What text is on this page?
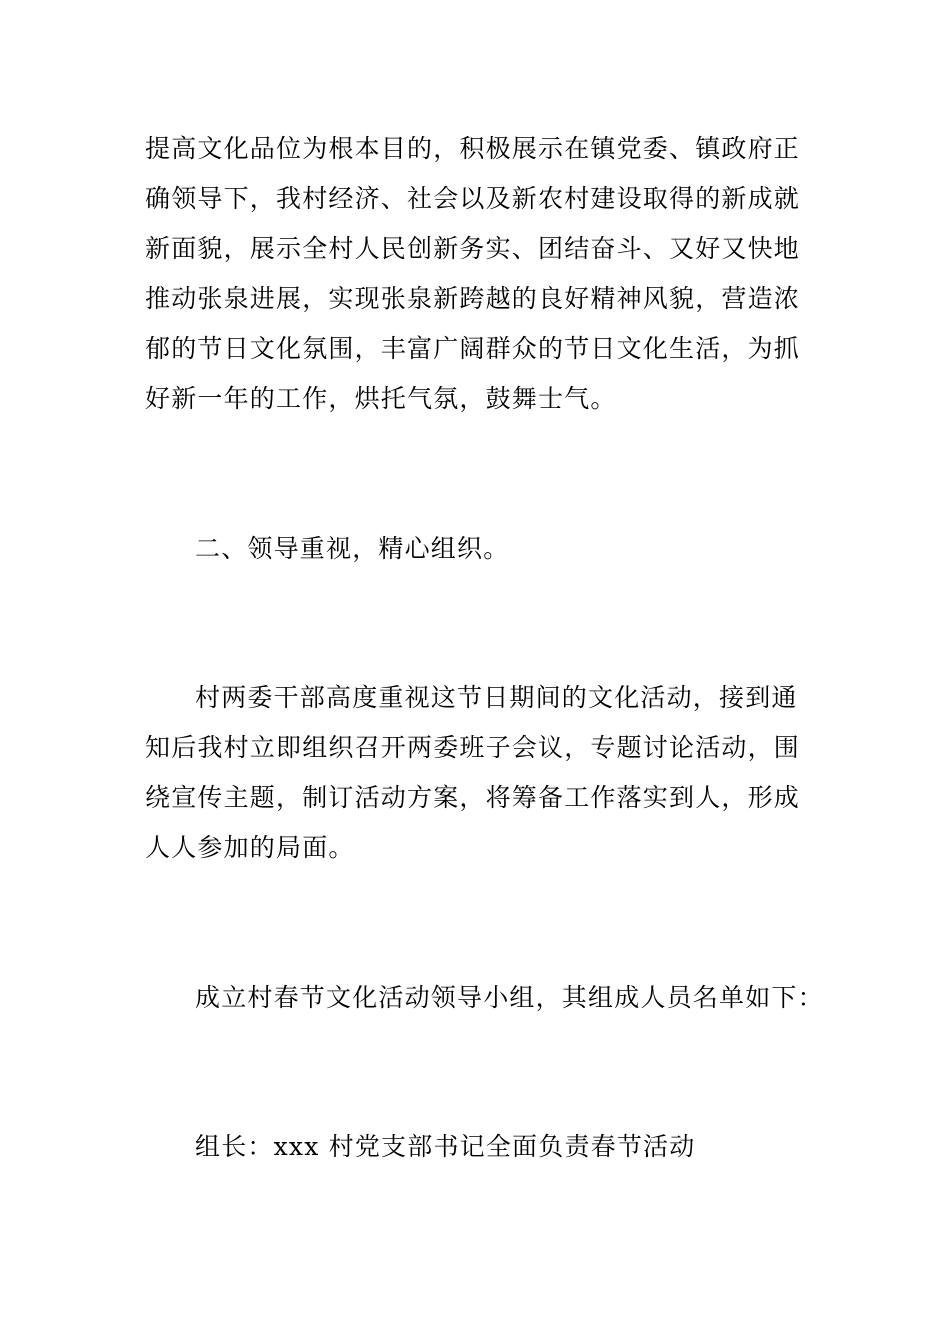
提高文化品位为根本目的，积极展示在镇党委、镇政府正
确领导下，我村经济、社会以及新农村建设取得的新成就
新面貌，展示全村人民创新务实、团结奋斗、又好又快地
推动张泉进展，实现张泉新跨越的良好精神风貌，营造浓
郁的节日文化氛围，丰富广阔群众的节日文化生活，为抓
好新一年的工作，烘托气氛，鼓舞士气。
二、领导重视，精心组织。
村两委干部高度重视这节日期间的文化活动，接到通
知后我村立即组织召开两委班子会议，专题讨论活动，围
绕宣传主题，制订活动方案，将筹备工作落实到人，形成
人人参加的局面。
成立村春节文化活动领导小组，其组成人员名单如下：
组长：xxx 村党支部书记全面负责春节活动
